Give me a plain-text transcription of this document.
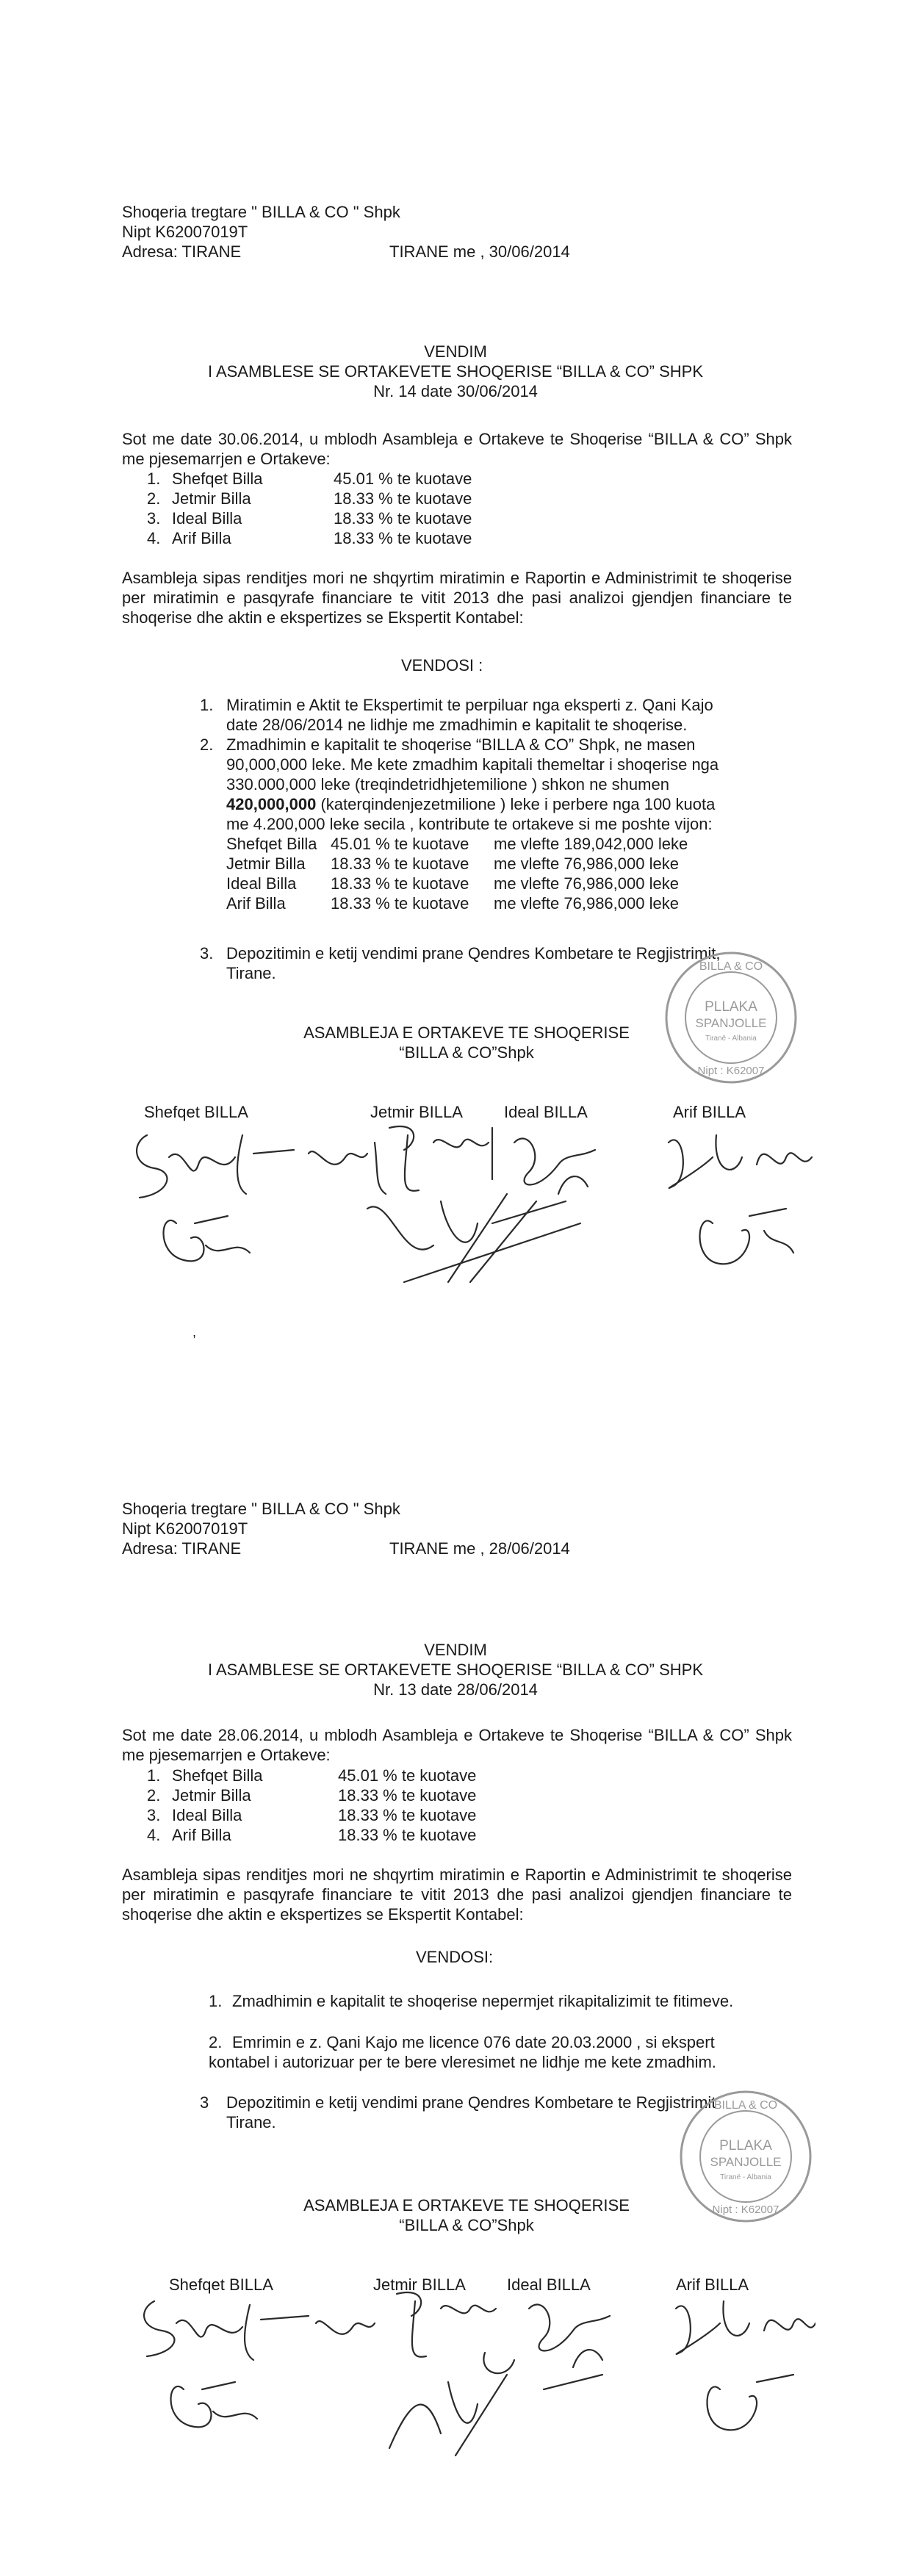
Shoqeria tregtare " BILLA & CO " Shpk
Nipt K62007019T
Adresa: TIRANE	TIRANE me , 30/06/2014
VENDIM
I ASAMBLESE SE ORTAKEVETE SHOQERISE “BILLA & CO” SHPK
Nr. 14 date 30/06/2014
Sot me date 30.06.2014, u mblodh Asambleja e Ortakeve te Shoqerise “BILLA & CO” Shpk me pjesemarrjen e Ortakeve:
1. Shefqet Billa	45.01 % te kuotave
2. Jetmir Billa	18.33 % te kuotave
3. Ideal Billa	18.33 % te kuotave
4. Arif Billa	18.33 % te kuotave
Asambleja sipas renditjes mori ne shqyrtim miratimin e Raportin e Administrimit te shoqerise per miratimin e pasqyrafe financiare te vitit 2013 dhe pasi analizoi gjendjen financiare te shoqerise dhe aktin e ekspertizes se Ekspertit Kontabel:
VENDOSI :
1. Miratimin e Aktit te Ekspertimit te perpiluar nga eksperti z. Qani Kajo
date 28/06/2014 ne lidhje me zmadhimin e kapitalit te shoqerise.
2. Zmadhimin e kapitalit te shoqerise “BILLA & CO” Shpk, ne masen
90,000,000 leke. Me kete zmadhim kapitali themeltar i shoqerise nga
330.000,000 leke (treqindetridhjetemilione ) shkon ne shumen
420,000,000 (katerqindenjezetmilione ) leke i perbere nga 100 kuota
me 4.200,000 leke secila , kontribute te ortakeve si me poshte vijon:
Shefqet Billa 45.01 % te kuotave me vlefte 189,042,000 leke
Jetmir Billa 18.33 % te kuotave me vlefte 76,986,000 leke
Ideal Billa 18.33 % te kuotave me vlefte 76,986,000 leke
Arif Billa	18.33 % te kuotave me vlefte 76,986,000 leke
3. Depozitimin e ketij vendimi prane Qendres Kombetare te Regjistrimit,
Tirane.
ASAMBLEJA E ORTAKEVE TE SHOQERISE
“BILLA & CO”Shpk
BILLA & CO
PLLAKA
SPANJOLLE
Tiranë - Albania
Nipt : K62007
Shefqet BILLA	Jetmir BILLA	Ideal BILLA	Arif BILLA
,
Shoqeria tregtare " BILLA & CO " Shpk
Nipt K62007019T
Adresa: TIRANE	TIRANE me , 28/06/2014
VENDIM
I ASAMBLESE SE ORTAKEVETE SHOQERISE “BILLA & CO” SHPK
Nr. 13 date 28/06/2014
Sot me date 28.06.2014, u mblodh Asambleja e Ortakeve te Shoqerise “BILLA & CO” Shpk me pjesemarrjen e Ortakeve:
1. Shefqet Billa	45.01 % te kuotave
2. Jetmir Billa	18.33 % te kuotave
3. Ideal Billa	18.33 % te kuotave
4. Arif Billa	18.33 % te kuotave
Asambleja sipas renditjes mori ne shqyrtim miratimin e Raportin e Administrimit te shoqerise per miratimin e pasqyrafe financiare te vitit 2013 dhe pasi analizoi gjendjen financiare te shoqerise dhe aktin e ekspertizes se Ekspertit Kontabel:
VENDOSI:
1. Zmadhimin e kapitalit te shoqerise nepermjet rikapitalizimit te fitimeve.
2. Emrimin e z. Qani Kajo me licence 076 date 20.03.2000 , si ekspert
kontabel i autorizuar per te bere vleresimet ne lidhje me kete zmadhim.
3 Depozitimin e ketij vendimi prane Qendres Kombetare te Regjistrimit
Tirane.
ASAMBLEJA E ORTAKEVE TE SHOQERISE
“BILLA & CO”Shpk
BILLA & CO
PLLAKA
SPANJOLLE
Tiranë - Albania
Nipt : K62007
Shefqet BILLA	Jetmir BILLA	Ideal BILLA	Arif BILLA
